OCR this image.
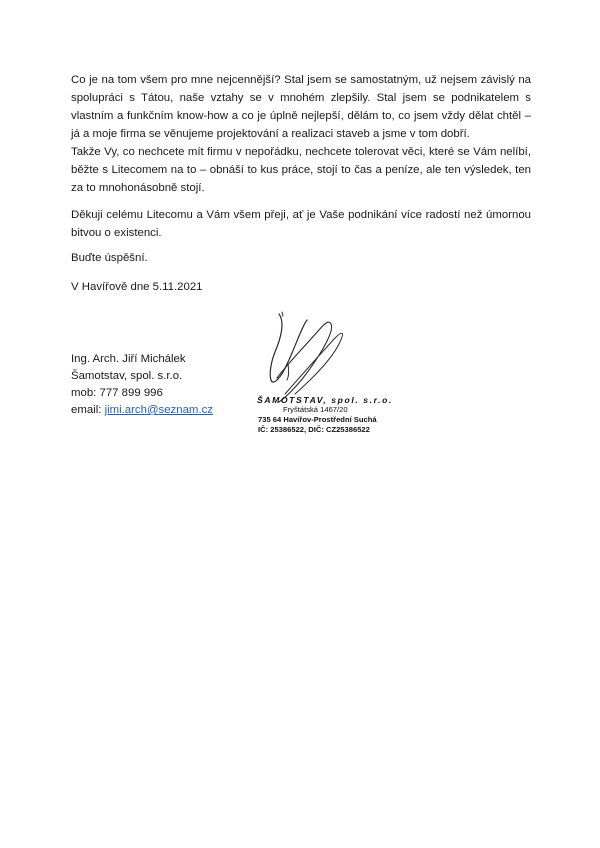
Co je na tom všem pro mne nejcennější? Stal jsem se samostatným, už nejsem závislý na spolupráci s Tátou, naše vztahy se v mnohém zlepšily. Stal jsem se podnikatelem s vlastním a funkčním know-how a co je úplně nejlepší, dělám to, co jsem vždy dělat chtěl – já a moje firma se věnujeme projektování a realizaci staveb a jsme v tom dobří.

Takže Vy, co nechcete mít firmu v nepořádku, nechcete tolerovat věci, které se Vám nelíbí, běžte s Litecomem na to – obnáší to kus práce, stojí to čas a peníze, ale ten výsledek, ten za to mnohonásobně stojí.

Děkuji celému Litecomu a Vám všem přeji, ať je Vaše podnikání více radostí než úmornou bitvou o existenci.

Buďte úspěšní.

V Havířově dne 5.11.2021

Ing. Arch. Jiří Michálek
Šamotstav, spol. s.r.o.
mob: 777 899 996
email: jimi.arch@seznam.cz
ŠAMOTSTAV, spol. s.r.o.
Fryštátská 1467/20
735 64 Havířov-Prostřední Suchá
IČ: 25386522, DIČ: CZ25386522
